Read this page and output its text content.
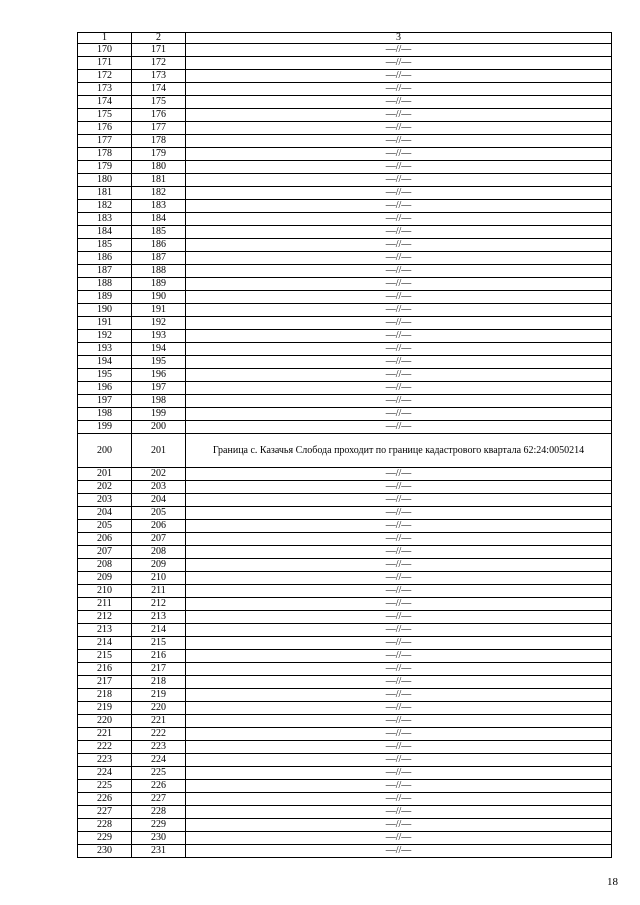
1	2	3
170	171	—//—
171	172	—//—
172	173	—//—
173	174	—//—
174	175	—//—
175	176	—//—
176	177	—//—
177	178	—//—
178	179	—//—
179	180	—//—
180	181	—//—
181	182	—//—
182	183	—//—
183	184	—//—
184	185	—//—
185	186	—//—
186	187	—//—
187	188	—//—
188	189	—//—
189	190	—//—
190	191	—//—
191	192	—//—
192	193	—//—
193	194	—//—
194	195	—//—
195	196	—//—
196	197	—//—
197	198	—//—
198	199	—//—
199	200	—//—
200	201	Граница с. Казачья Слобода проходит по границе кадастрового квартала 62:24:0050214
201	202	—//—
202	203	—//—
203	204	—//—
204	205	—//—
205	206	—//—
206	207	—//—
207	208	—//—
208	209	—//—
209	210	—//—
210	211	—//—
211	212	—//—
212	213	—//—
213	214	—//—
214	215	—//—
215	216	—//—
216	217	—//—
217	218	—//—
218	219	—//—
219	220	—//—
220	221	—//—
221	222	—//—
222	223	—//—
223	224	—//—
224	225	—//—
225	226	—//—
226	227	—//—
227	228	—//—
228	229	—//—
229	230	—//—
230	231	—//—
18
